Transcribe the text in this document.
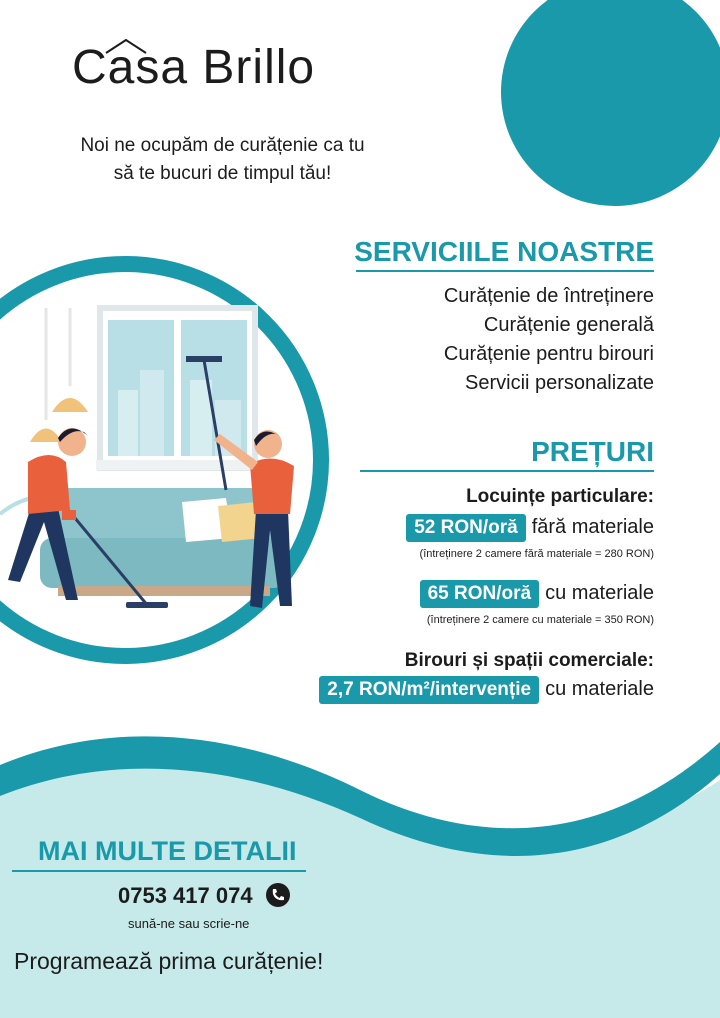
C
asa Brillo
Noi ne ocupăm de curățenie ca tu
să te bucuri de timpul tău!
SERVICIILE NOASTRE
Curățenie de întreținere
Curățenie generală
Curățenie pentru birouri
Servicii personalizate
PREȚURI
Locuințe particulare:
52 RON/oră fără materiale
(întreținere 2 camere fără materiale = 280 RON)
65 RON/oră cu materiale
(întreținere 2 camere cu materiale = 350 RON)
Birouri și spații comerciale:
2,7 RON/m²/intervenție cu materiale
MAI MULTE DETALII
0753 417 074
sună-ne sau scrie-ne
Programează prima curățenie!
